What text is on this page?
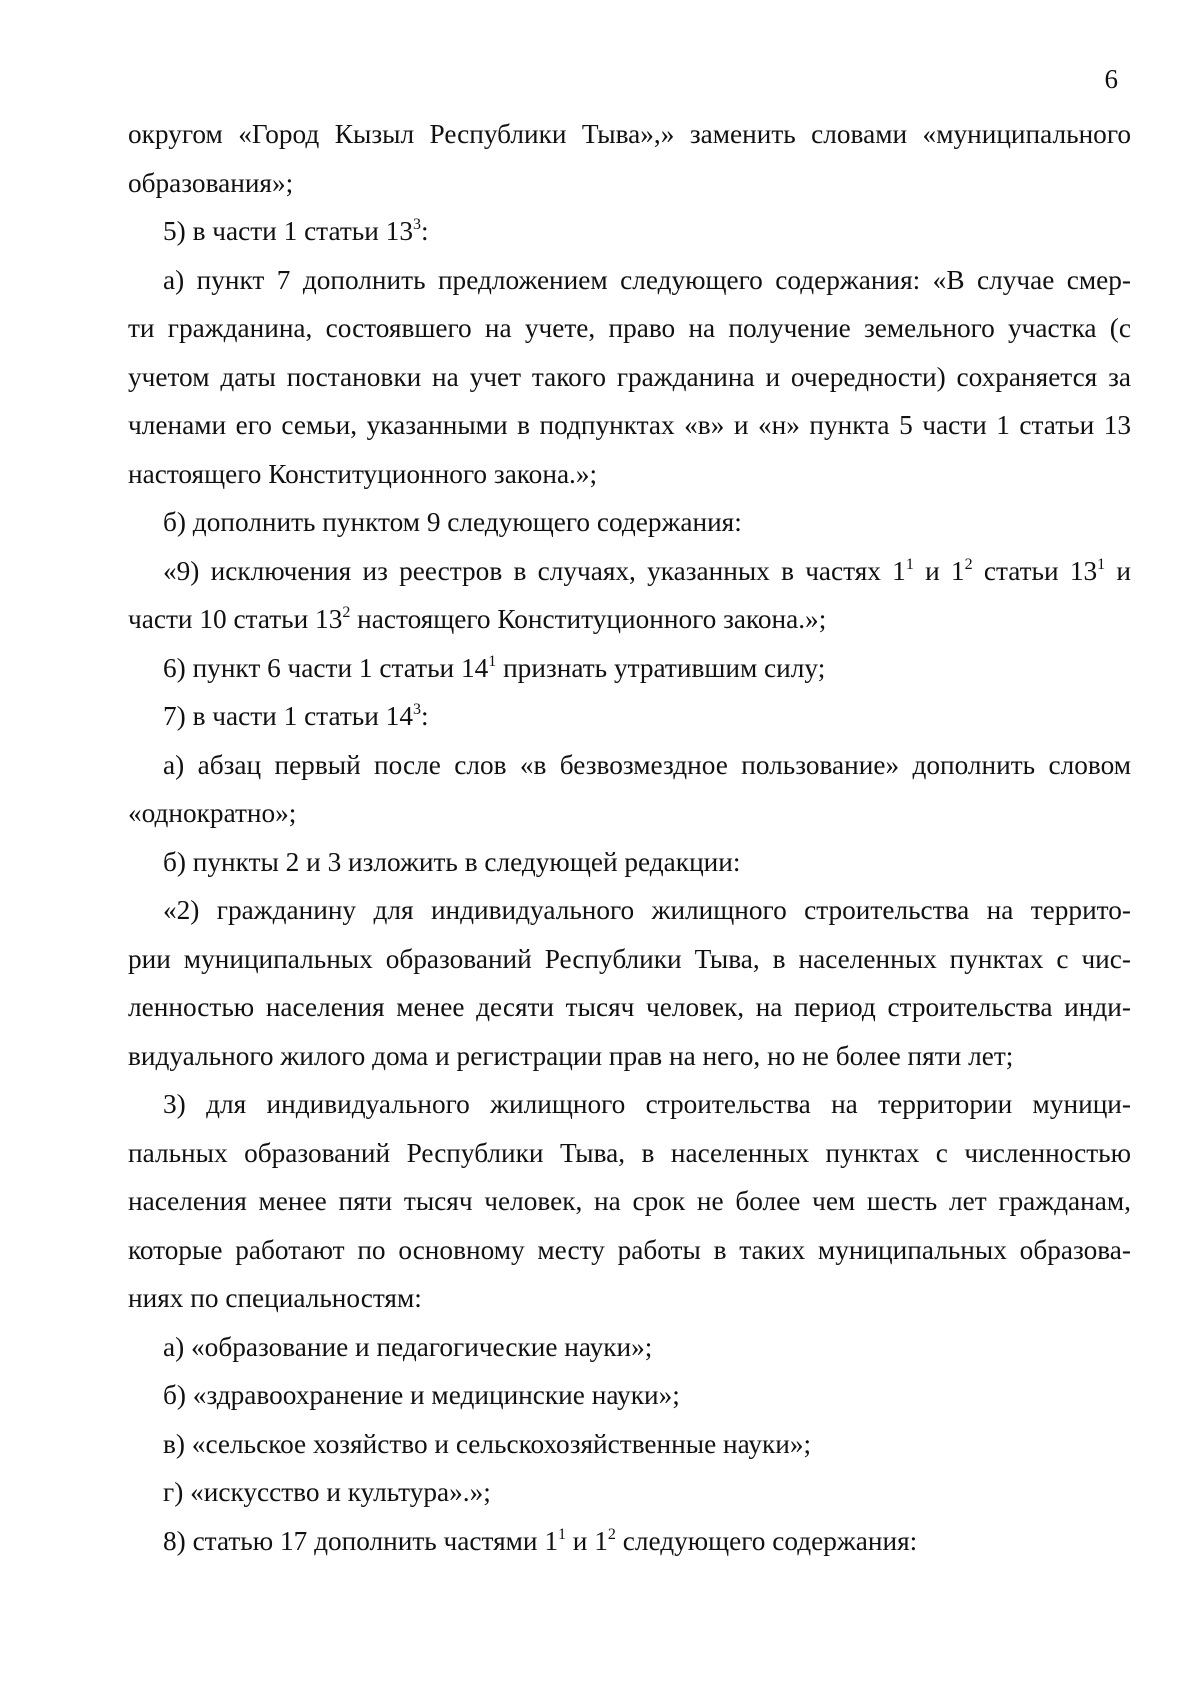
6
округом «Город Кызыл Республики Тыва»,» заменить словами «муниципального
образования»;
5) в части 1 статьи $13^3$:
а) пункт 7 дополнить предложением следующего содержания: «В случае смер-
ти гражданина, состоявшего на учете, право на получение земельного участка (с
учетом даты постановки на учет такого гражданина и очередности) сохраняется за
членами его семьи, указанными в подпунктах «в» и «н» пункта 5 части 1 статьи 13
настоящего Конституционного закона.»;
б) дополнить пунктом 9 следующего содержания:
«9) исключения из реестров в случаях, указанных в частях $1^1$ и $1^2$ статьи $13^1$ и
части 10 статьи $13^2$ настоящего Конституционного закона.»;
6) пункт 6 части 1 статьи $14^1$ признать утратившим силу;
7) в части 1 статьи $14^3$:
а) абзац первый после слов «в безвозмездное пользование» дополнить словом
«однократно»;
б) пункты 2 и 3 изложить в следующей редакции:
«2) гражданину для индивидуального жилищного строительства на террито-
рии муниципальных образований Республики Тыва, в населенных пунктах с чис-
ленностью населения менее десяти тысяч человек, на период строительства инди-
видуального жилого дома и регистрации прав на него, но не более пяти лет;
3) для индивидуального жилищного строительства на территории муници-
пальных образований Республики Тыва, в населенных пунктах с численностью
населения менее пяти тысяч человек, на срок не более чем шесть лет гражданам,
которые работают по основному месту работы в таких муниципальных образова-
ниях по специальностям:
а) «образование и педагогические науки»;
б) «здравоохранение и медицинские науки»;
в) «сельское хозяйство и сельскохозяйственные науки»;
г) «искусство и культура».»;
8) статью 17 дополнить частями $1^1$ и $1^2$ следующего содержания:
